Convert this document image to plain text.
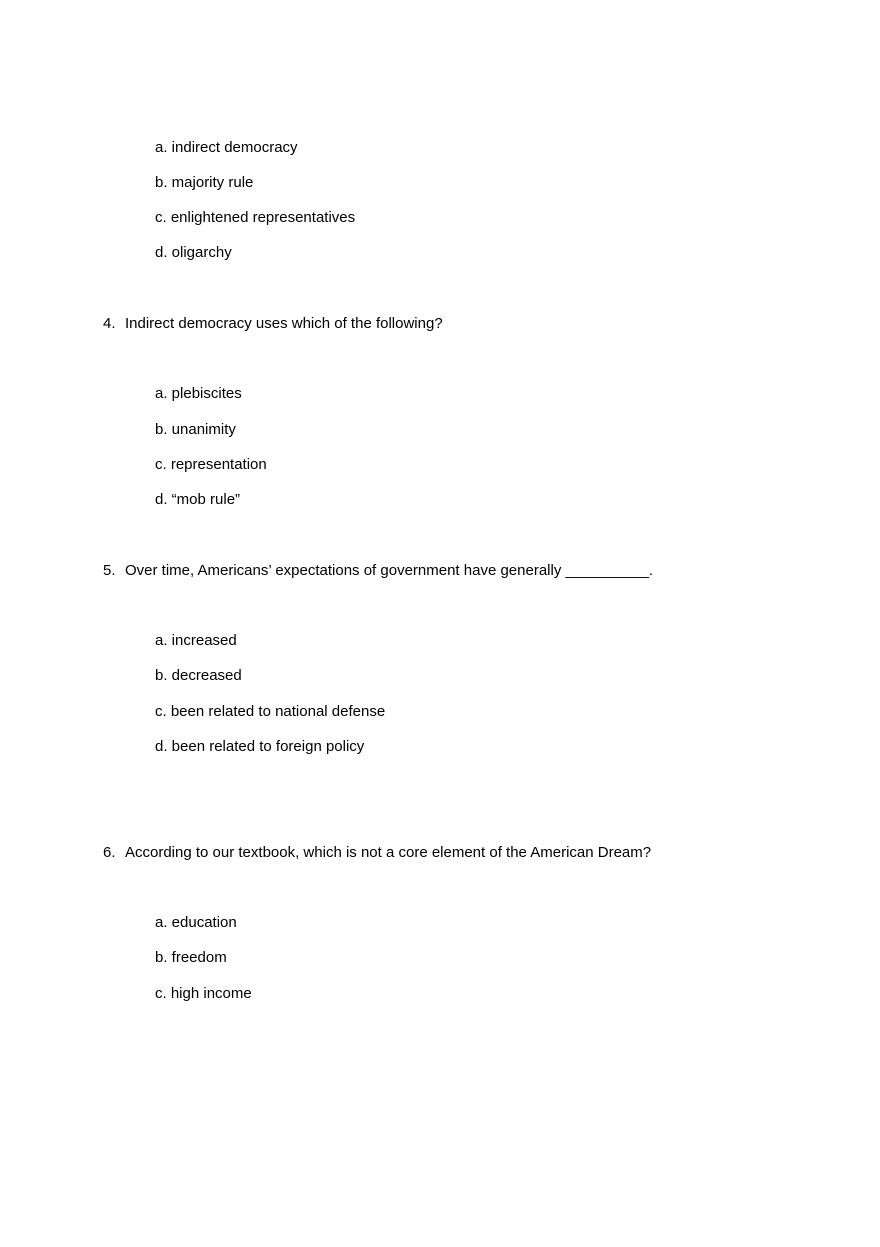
a. indirect democracy

b. majority rule

c. enlightened representatives

d. oligarchy

4. Indirect democracy uses which of the following?

a. plebiscites

b. unanimity

c. representation

d. “mob rule”

5. Over time, Americans’ expectations of government have generally __________.

a. increased

b. decreased

c. been related to national defense

d. been related to foreign policy

6. According to our textbook, which is not a core element of the American Dream?

a. education

b. freedom

c. high income
